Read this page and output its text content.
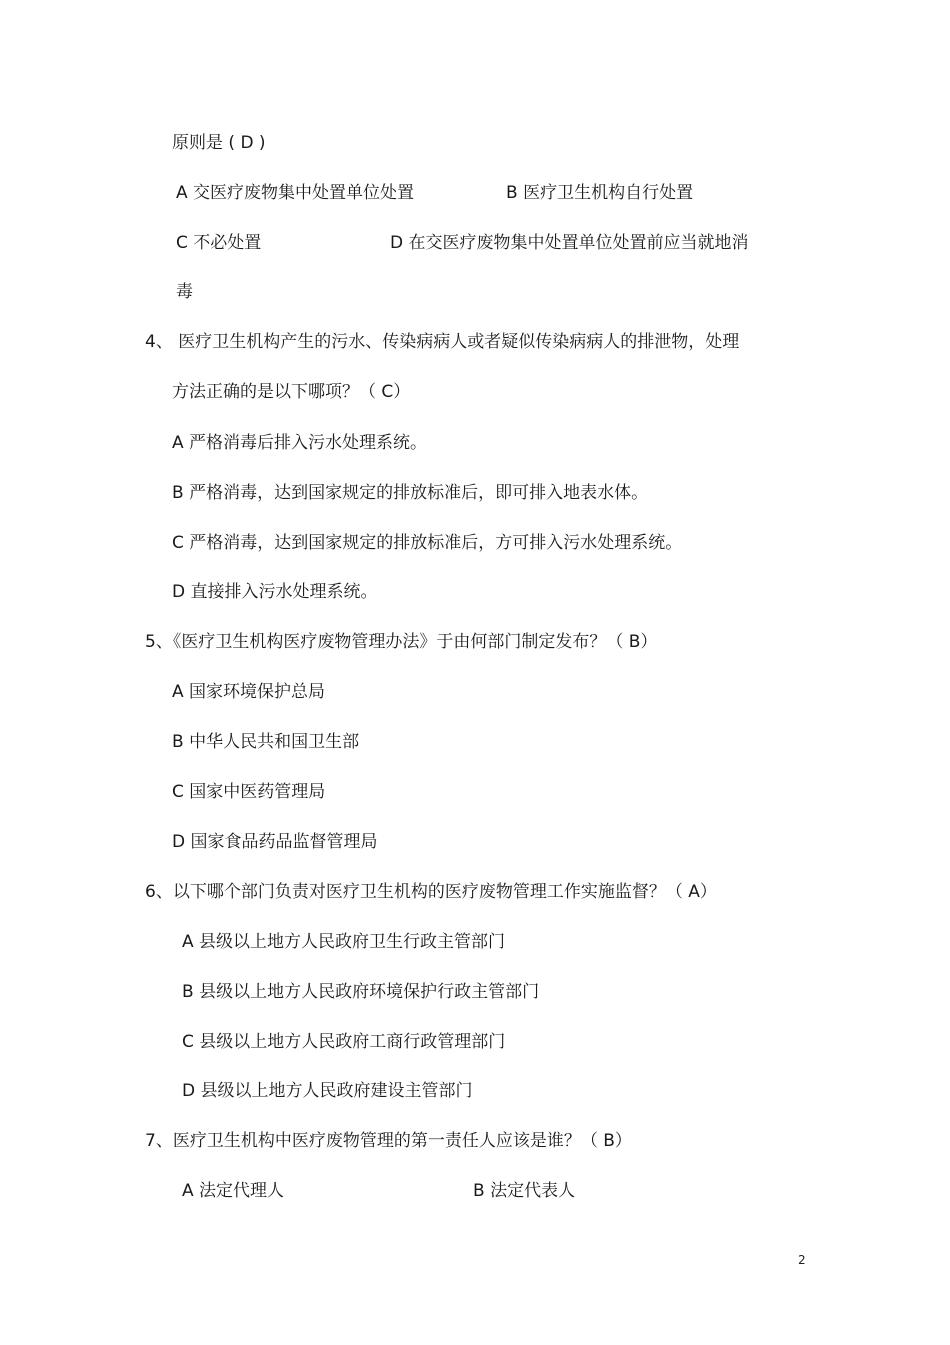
原则是 ( D )
A 交医疗废物集中处置单位处置	B 医疗卫生机构自行处置
C 不必处置	D 在交医疗废物集中处置单位处置前应当就地消
毒
4、 医疗卫生机构产生的污水、传染病病人或者疑似传染病病人的排泄物，处理
方法正确的是以下哪项？（ C）
A 严格消毒后排入污水处理系统。
B 严格消毒，达到国家规定的排放标准后，即可排入地表水体。
C 严格消毒，达到国家规定的排放标准后，方可排入污水处理系统。
D 直接排入污水处理系统。
5、《医疗卫生机构医疗废物管理办法》于由何部门制定发布？（ B）
A 国家环境保护总局
B 中华人民共和国卫生部
C 国家中医药管理局
D 国家食品药品监督管理局
6、以下哪个部门负责对医疗卫生机构的医疗废物管理工作实施监督？（ A）
A 县级以上地方人民政府卫生行政主管部门
B 县级以上地方人民政府环境保护行政主管部门
C 县级以上地方人民政府工商行政管理部门
D 县级以上地方人民政府建设主管部门
7、医疗卫生机构中医疗废物管理的第一责任人应该是谁？（ B）
A 法定代理人	B 法定代表人
2
